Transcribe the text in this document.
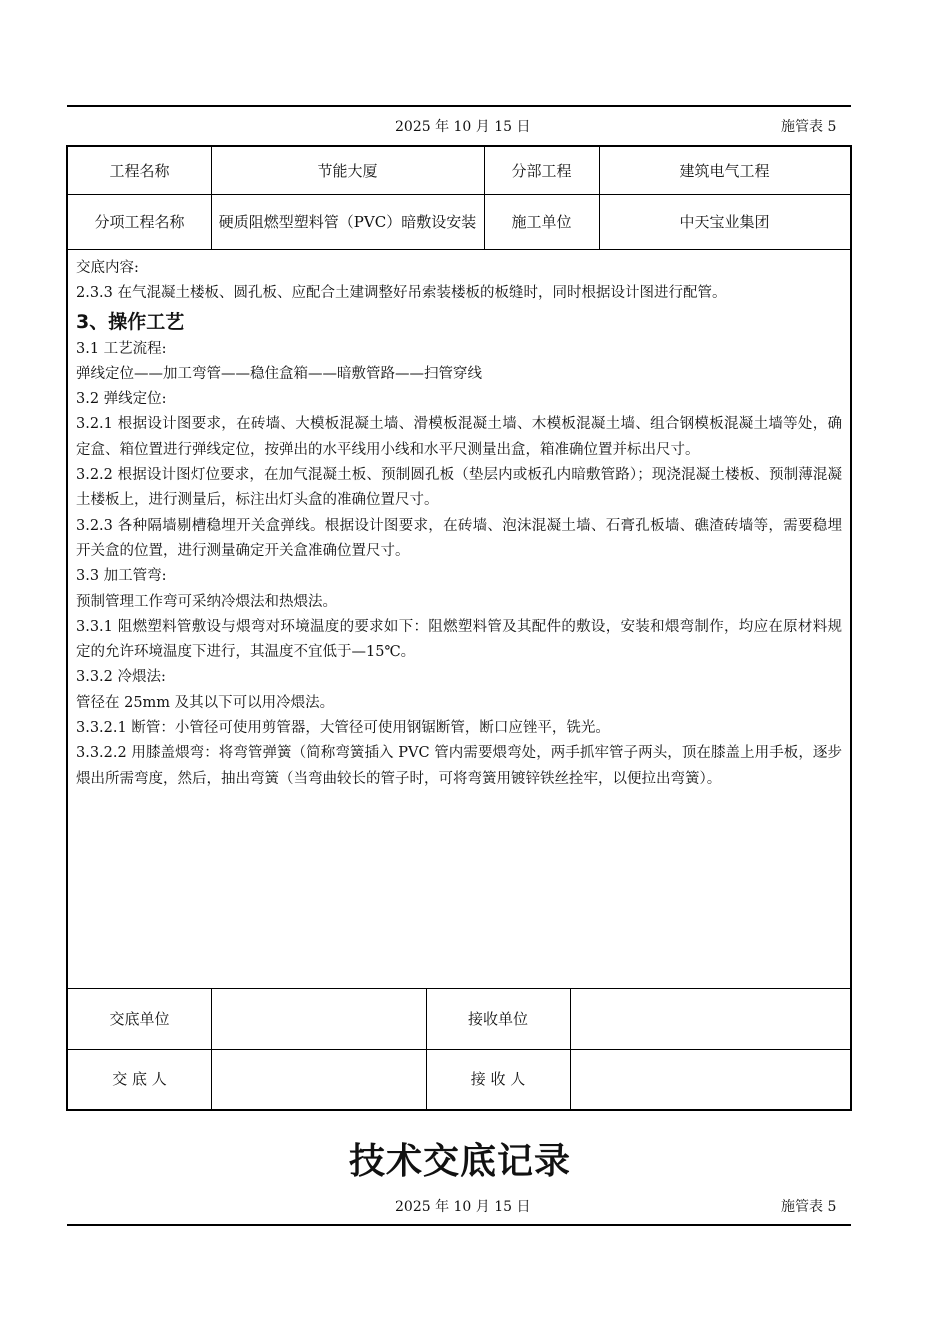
2025 年 10 月 15 日	施管表 5
工程名称	节能大厦	分部工程	建筑电气工程
分项工程名称	硬质阻燃型塑料管（PVC）暗敷设安装	施工单位	中天宝业集团
交底单位	接收单位
交 底 人	接 收 人

交底内容:

2.3.3 在气混凝土楼板、圆孔板、应配合土建调整好吊索装楼板的板缝时，同时根据设计图进行配管。

3、操作工艺

3.1 工艺流程:

弹线定位——加工弯管——稳住盒箱——暗敷管路——扫管穿线

3.2 弹线定位:

3.2.1 根据设计图要求，在砖墙、大模板混凝土墙、滑模板混凝土墙、木模板混凝土墙、组合钢模板混凝土墙等处，确定盒、箱位置进行弹线定位，按弹出的水平线用小线和水平尺测量出盒，箱准确位置并标出尺寸。

3.2.2 根据设计图灯位要求，在加气混凝土板、预制圆孔板（垫层内或板孔内暗敷管路）；现浇混凝土楼板、预制薄混凝土楼板上，进行测量后，标注出灯头盒的准确位置尺寸。

3.2.3 各种隔墙剔槽稳埋开关盒弹线。根据设计图要求，在砖墙、泡沫混凝土墙、石膏孔板墙、礁渣砖墙等，需要稳埋开关盒的位置，进行测量确定开关盒准确位置尺寸。

3.3 加工管弯:

预制管理工作弯可采纳冷煨法和热煨法。

3.3.1 阻燃塑料管敷设与煨弯对环境温度的要求如下：阻燃塑料管及其配件的敷设，安装和煨弯制作，均应在原材料规定的允许环境温度下进行，其温度不宜低于—15℃。

3.3.2 冷煨法:

管径在 25mm 及其以下可以用冷煨法。

3.3.2.1 断管：小管径可使用剪管器，大管径可使用钢锯断管，断口应锉平，铣光。

3.3.2.2 用膝盖煨弯：将弯管弹簧（简称弯簧插入 PVC 管内需要煨弯处，两手抓牢管子两头，顶在膝盖上用手板，逐步煨出所需弯度，然后，抽出弯簧（当弯曲较长的管子时，可将弯簧用镀锌铁丝拴牢，以便拉出弯簧）。

技术交底记录
2025 年 10 月 15 日	施管表 5
